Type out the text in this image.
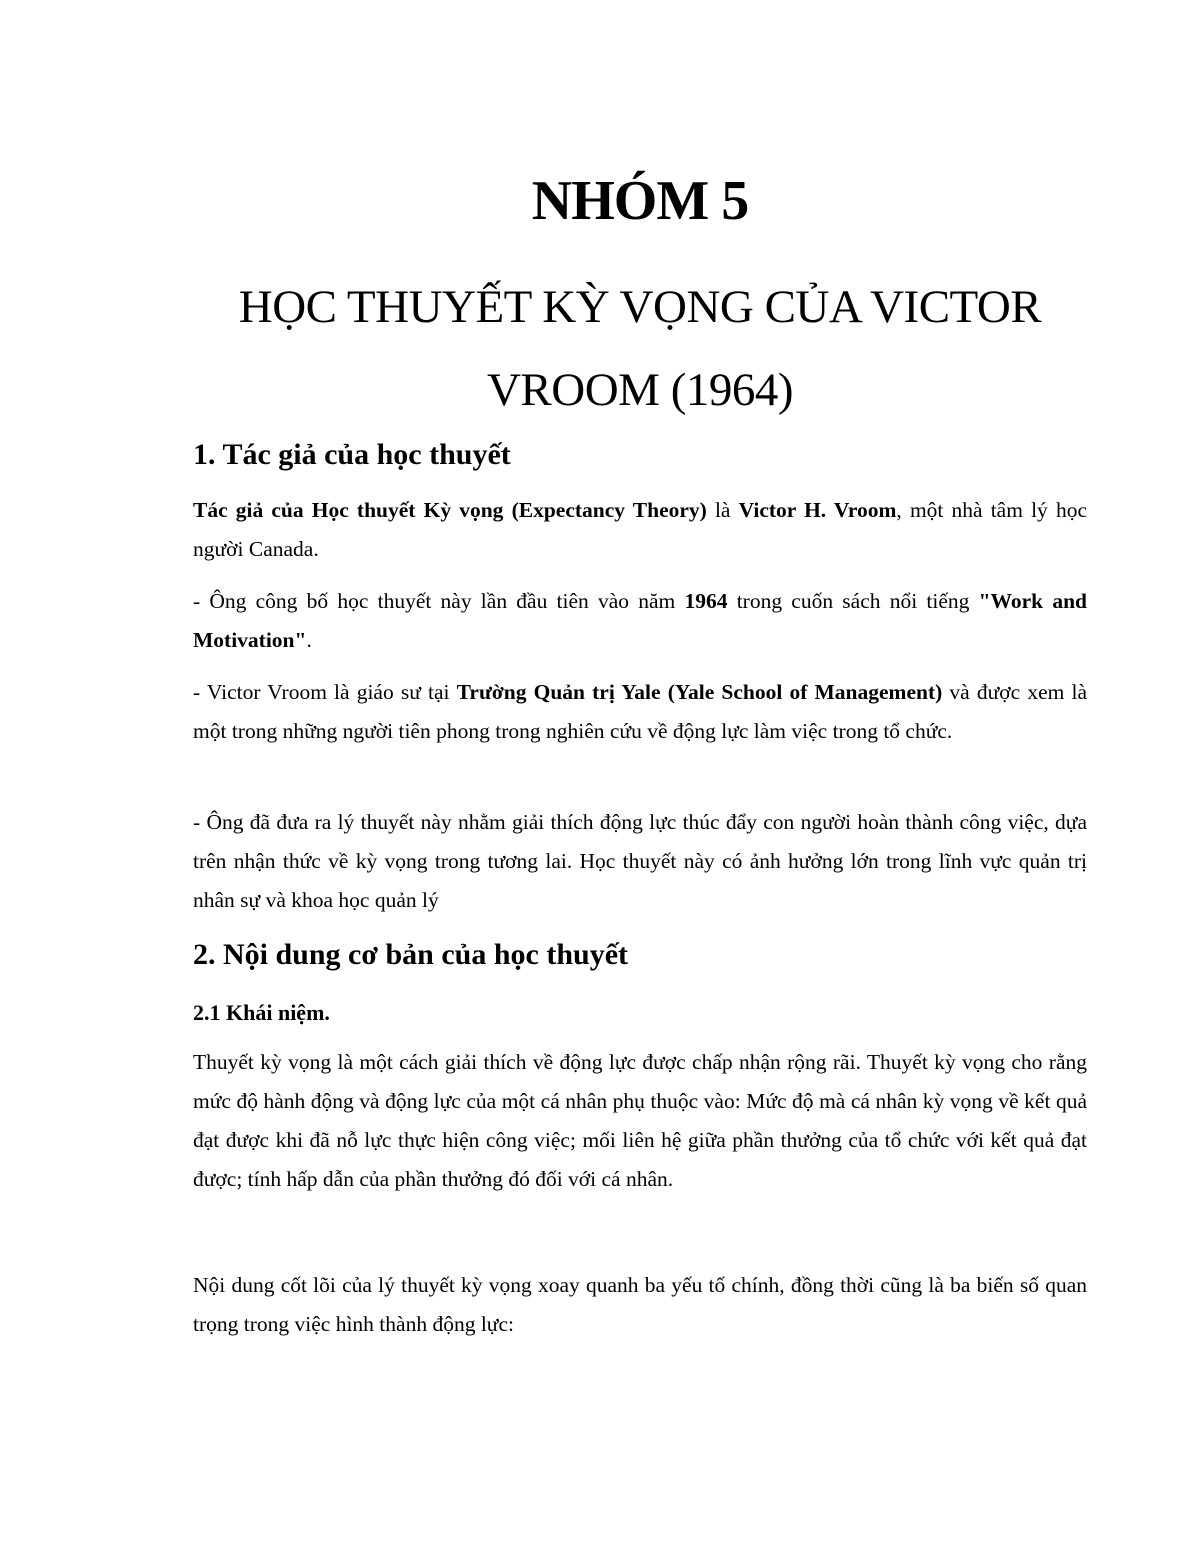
NHÓM 5
HỌC THUYẾT KỲ VỌNG CỦA VICTOR
VROOM (1964)
1. Tác giả của học thuyết

Tác giả của Học thuyết Kỳ vọng (Expectancy Theory) là Victor H. Vroom, một nhà tâm lý học người Canada.

- Ông công bố học thuyết này lần đầu tiên vào năm 1964 trong cuốn sách nổi tiếng "Work and Motivation".

- Victor Vroom là giáo sư tại Trường Quản trị Yale (Yale School of Management) và được xem là một trong những người tiên phong trong nghiên cứu về động lực làm việc trong tổ chức.

- Ông đã đưa ra lý thuyết này nhằm giải thích động lực thúc đẩy con người hoàn thành công việc, dựa trên nhận thức về kỳ vọng trong tương lai. Học thuyết này có ảnh hưởng lớn trong lĩnh vực quản trị nhân sự và khoa học quản lý

2. Nội dung cơ bản của học thuyết
2.1 Khái niệm.

Thuyết kỳ vọng là một cách giải thích về động lực được chấp nhận rộng rãi. Thuyết kỳ vọng cho rằng mức độ hành động và động lực của một cá nhân phụ thuộc vào: Mức độ mà cá nhân kỳ vọng về kết quả đạt được khi đã nỗ lực thực hiện công việc; mối liên hệ giữa phần thưởng của tổ chức với kết quả đạt được; tính hấp dẫn của phần thưởng đó đối với cá nhân.

Nội dung cốt lõi của lý thuyết kỳ vọng xoay quanh ba yếu tố chính, đồng thời cũng là ba biến số quan trọng trong việc hình thành động lực:
